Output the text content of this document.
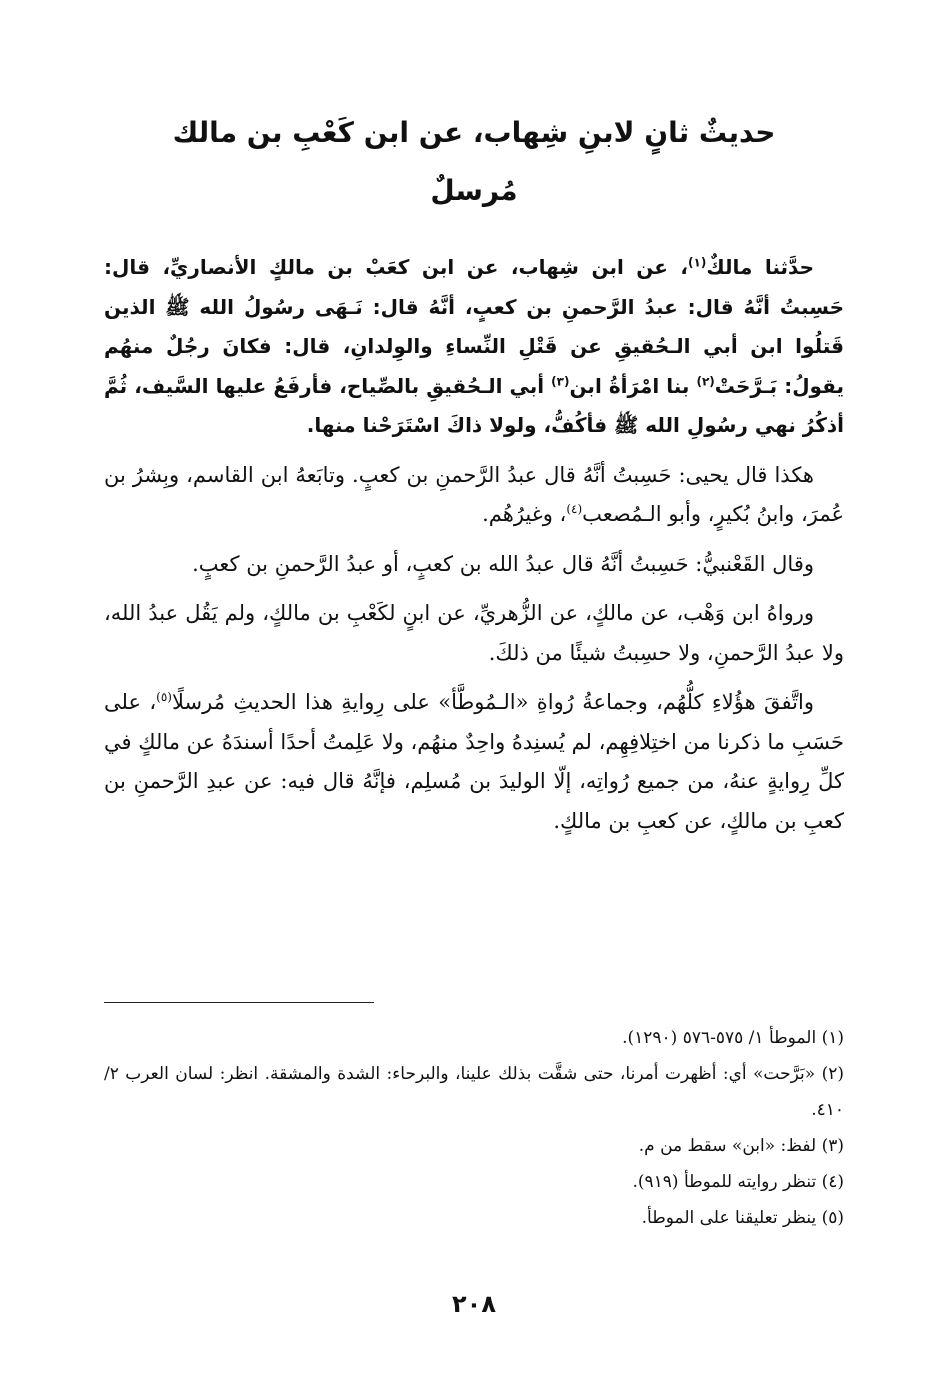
حديثٌ ثانٍ لابنِ شِهاب، عن ابن كَعْبِ بن مالك
مُرسلٌ

حدَّثنا مالكٌ$^{(١)}$، عن ابن شِهاب، عن ابن كعَبْ بن مالكٍ الأنصاريِّ، قال: حَسِبتُ أنَّهُ قال: عبدُ الرَّحمنِ بن كعبٍ، أنَّهُ قال: نَـهَى رسُولُ الله ﷺ الذين قَتلُوا ابن أبي الـحُقيقِ عن قَتْلِ النِّساءِ والوِلدانِ، قال: فكانَ رجُلٌ منهُم يقولُ: بَـرَّحَتْ$^{(٢)}$ بنا امْرَأةُ ابن$^{(٣)}$ أبي الـحُقيقِ بالصِّياح، فأرفَعُ عليها السَّيف، ثُمَّ أذكُرُ نهي رسُولِ الله ﷺ فأكُفُّ، ولولا ذاكَ اسْتَرَحْنا منها.

هكذا قال يحيى: حَسِبتُ أنَّهُ قال عبدُ الرَّحمنِ بن كعبٍ. وتابَعهُ ابن القاسم، وبِشرُ بن عُمرَ، وابنُ بُكيرٍ، وأبو الـمُصعب$^{(٤)}$، وغيرُهُم.

وقال القَعْنبيُّ: حَسِبتُ أنَّهُ قال عبدُ الله بن كعبٍ، أو عبدُ الرَّحمنِ بن كعبٍ.

ورواهُ ابن وَهْب، عن مالكٍ، عن الزُّهريِّ، عن ابنٍ لكَعْبِ بن مالكٍ، ولم يَقُل عبدُ الله، ولا عبدُ الرَّحمنِ، ولا حسِبتُ شيئًا من ذلكَ.

واتَّفقَ هؤُلاءِ كلُّهُم، وجماعةُ رُواةِ «الـمُوطَّأ» على رِوايةِ هذا الحديثِ مُرسلًا$^{(٥)}$، على حَسَبِ ما ذكرنا من اختِلافِهِم، لم يُسنِدهُ واحِدٌ منهُم، ولا عَلِمتُ أحدًا أسندَهُ عن مالكٍ في كلِّ رِوايةٍ عنهُ، من جميع رُواتِه، إلّا الوليدَ بن مُسلِم، فإنَّهُ قال فيه: عن عبدِ الرَّحمنِ بن كعبِ بن مالكٍ، عن كعبِ بن مالكٍ.

(١) الموطأ ١/ ٥٧٥-٥٧٦ (١٢٩٠).

(٢) «بَرَّحت» أي: أظهرت أمرنا، حتى شقَّت بذلك علينا، والبرحاء: الشدة والمشقة. انظر: لسان العرب ٢/ ٤١٠.

(٣) لفظ: «ابن» سقط من م.

(٤) تنظر روايته للموطأ (٩١٩).

(٥) ينظر تعليقنا على الموطأ.

٢٠٨
